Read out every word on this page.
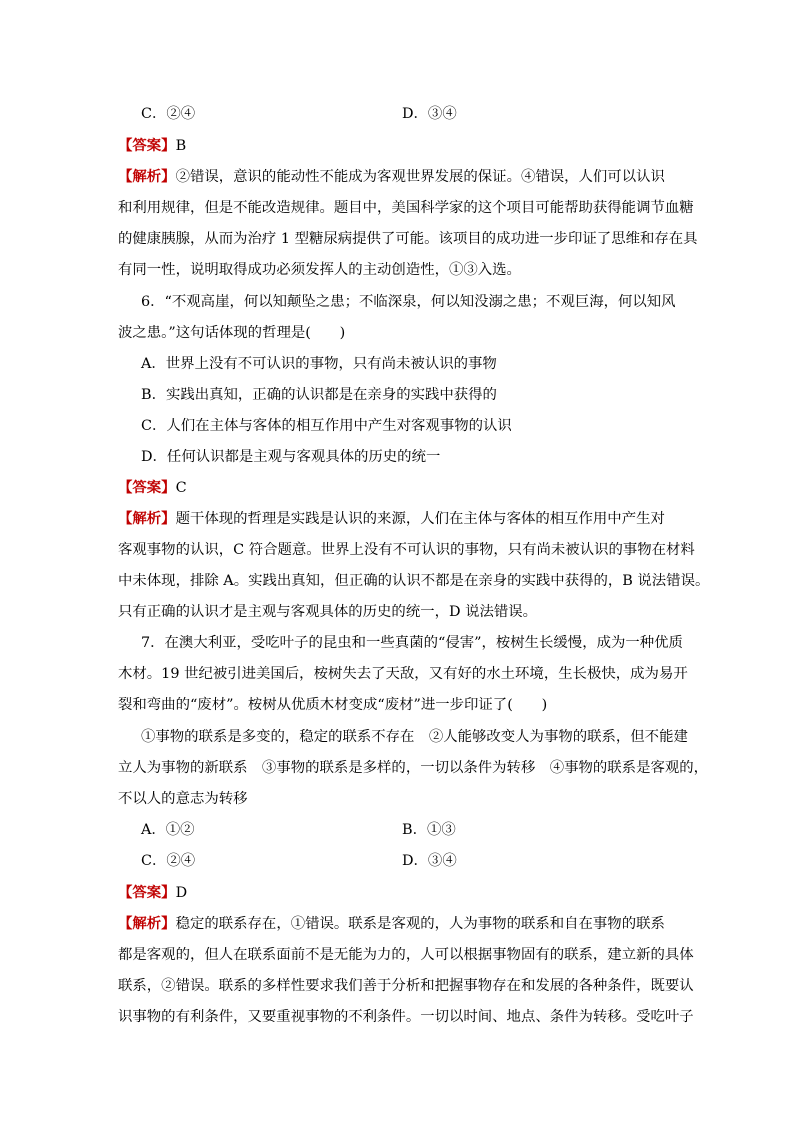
C．②④	D．③④
【答案】B
【解析】②错误，意识的能动性不能成为客观世界发展的保证。④错误，人们可以认识
和利用规律，但是不能改造规律。题目中，美国科学家的这个项目可能帮助获得能调节血糖
的健康胰腺，从而为治疗 1 型糖尿病提供了可能。该项目的成功进一步印证了思维和存在具
有同一性，说明取得成功必须发挥人的主动创造性，①③入选。
6．“不观高崖，何以知颠坠之患；不临深泉，何以知没溺之患；不观巨海，何以知风
波之患。”这句话体现的哲理是(　　)
A．世界上没有不可认识的事物，只有尚未被认识的事物
B．实践出真知，正确的认识都是在亲身的实践中获得的
C．人们在主体与客体的相互作用中产生对客观事物的认识
D．任何认识都是主观与客观具体的历史的统一
【答案】C
【解析】题干体现的哲理是实践是认识的来源，人们在主体与客体的相互作用中产生对
客观事物的认识，C 符合题意。世界上没有不可认识的事物，只有尚未被认识的事物在材料
中未体现，排除 A。实践出真知，但正确的认识不都是在亲身的实践中获得的，B 说法错误。
只有正确的认识才是主观与客观具体的历史的统一，D 说法错误。
7．在澳大利亚，受吃叶子的昆虫和一些真菌的“侵害”，桉树生长缓慢，成为一种优质
木材。19 世纪被引进美国后，桉树失去了天敌，又有好的水土环境，生长极快，成为易开
裂和弯曲的“废材”。桉树从优质木材变成“废材”进一步印证了(　　)
①事物的联系是多变的，稳定的联系不存在　②人能够改变人为事物的联系，但不能建
立人为事物的新联系　③事物的联系是多样的，一切以条件为转移　④事物的联系是客观的，
不以人的意志为转移
A．①②	B．①③
C．②④	D．③④
【答案】D
【解析】稳定的联系存在，①错误。联系是客观的，人为事物的联系和自在事物的联系
都是客观的，但人在联系面前不是无能为力的，人可以根据事物固有的联系，建立新的具体
联系，②错误。联系的多样性要求我们善于分析和把握事物存在和发展的各种条件，既要认
识事物的有利条件，又要重视事物的不利条件。一切以时间、地点、条件为转移。受吃叶子
